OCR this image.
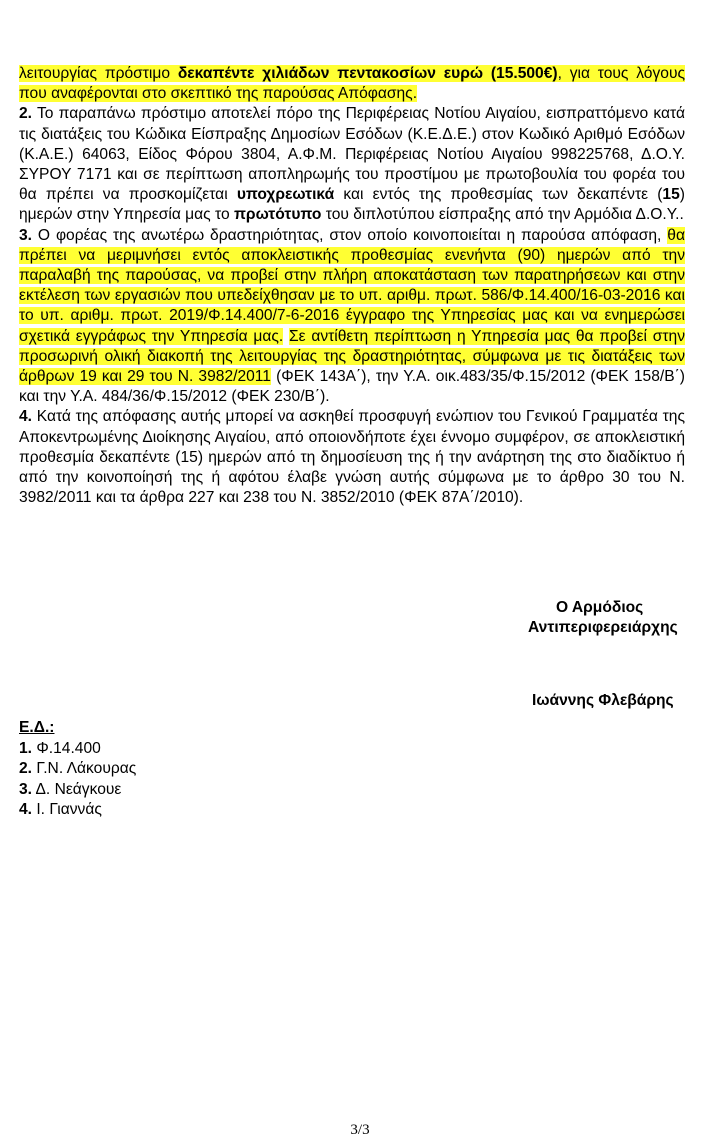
λειτουργίας πρόστιμο δεκαπέντε χιλιάδων πεντακοσίων ευρώ (15.500€), για τους λόγους που αναφέρονται στο σκεπτικό της παρούσας Απόφασης.

2. Το παραπάνω πρόστιμο αποτελεί πόρο της Περιφέρειας Νοτίου Αιγαίου, εισπραττόμενο κατά τις διατάξεις του Κώδικα Είσπραξης Δημοσίων Εσόδων (Κ.Ε.Δ.Ε.) στον Κωδικό Αριθμό Εσόδων (Κ.Α.Ε.) 64063, Είδος Φόρου 3804, Α.Φ.Μ. Περιφέρειας Νοτίου Αιγαίου 998225768, Δ.Ο.Υ. ΣΥΡΟΥ 7171 και σε περίπτωση αποπληρωμής του προστίμου με πρωτοβουλία του φορέα του θα πρέπει να προσκομίζεται υποχρεωτικά και εντός της προθεσμίας των δεκαπέντε (15) ημερών στην Υπηρεσία μας το πρωτότυπο του διπλοτύπου είσπραξης από την Αρμόδια Δ.Ο.Υ..

3. Ο φορέας της ανωτέρω δραστηριότητας, στον οποίο κοινοποιείται η παρούσα απόφαση, θα πρέπει να μεριμνήσει εντός αποκλειστικής προθεσμίας ενενήντα (90) ημερών από την παραλαβή της παρούσας, να προβεί στην πλήρη αποκατάσταση των παρατηρήσεων και στην εκτέλεση των εργασιών που υπεδείχθησαν με το υπ. αριθμ. πρωτ. 586/Φ.14.400/16-03-2016 και το υπ. αριθμ. πρωτ. 2019/Φ.14.400/7-6-2016 έγγραφο της Υπηρεσίας μας και να ενημερώσει σχετικά εγγράφως την Υπηρεσία μας. Σε αντίθετη περίπτωση η Υπηρεσία μας θα προβεί στην προσωρινή ολική διακοπή της λειτουργίας της δραστηριότητας, σύμφωνα με τις διατάξεις των άρθρων 19 και 29 του Ν. 3982/2011 (ΦΕΚ 143Α΄), την Υ.Α. οικ.483/35/Φ.15/2012 (ΦΕΚ 158/Β΄) και την Υ.Α. 484/36/Φ.15/2012 (ΦΕΚ 230/Β΄).

4. Κατά της απόφασης αυτής μπορεί να ασκηθεί προσφυγή ενώπιον του Γενικού Γραμματέα της Αποκεντρωμένης Διοίκησης Αιγαίου, από οποιονδήποτε έχει έννομο συμφέρον, σε αποκλειστική προθεσμία δεκαπέντε (15) ημερών από τη δημοσίευση της ή την ανάρτηση της στο διαδίκτυο ή από την κοινοποίησή της ή αφότου έλαβε γνώση αυτής σύμφωνα με το άρθρο 30 του Ν. 3982/2011 και τα άρθρα 227 και 238 του Ν. 3852/2010 (ΦΕΚ 87Α΄/2010).

Ο Αρμόδιος
Αντιπεριφερειάρχης
Ιωάννης Φλεβάρης
Ε.Δ.:
1. Φ.14.400
2. Γ.Ν. Λάκουρας
3. Δ. Νεάγκουε
4. Ι. Γιαννάς
3/3
